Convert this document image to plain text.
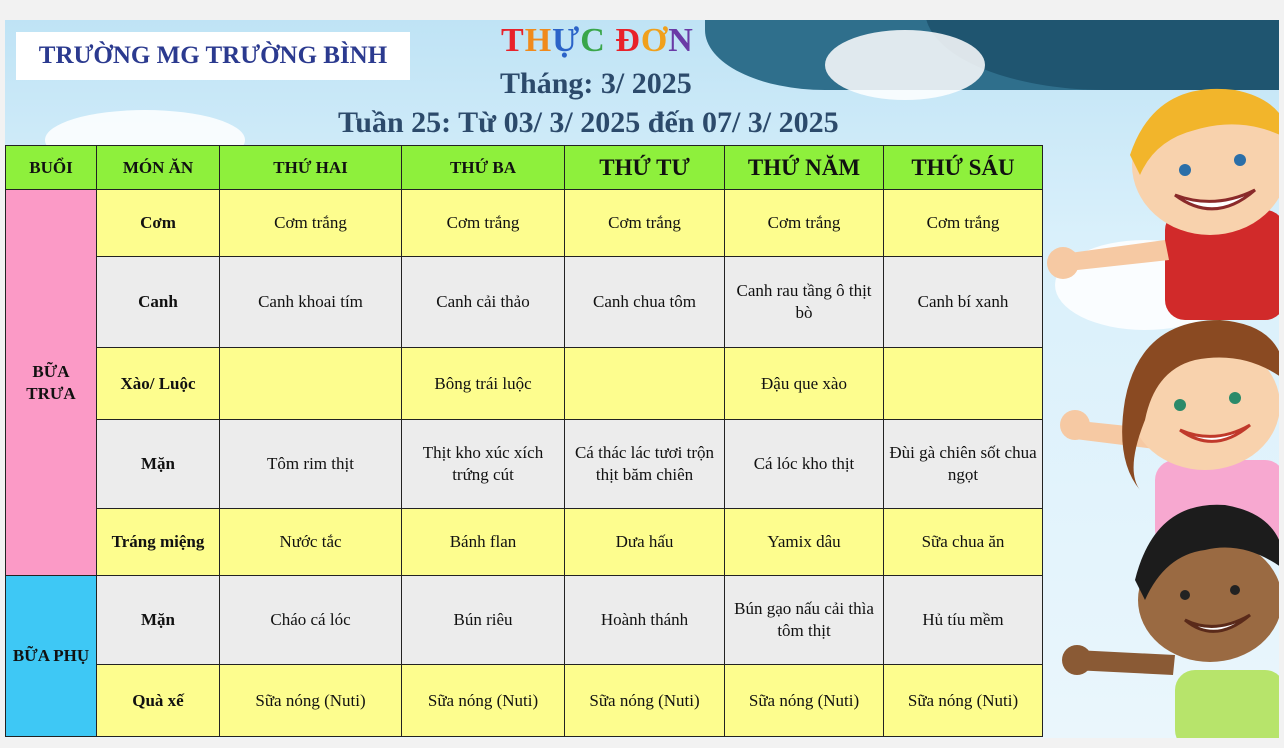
TRƯỜNG MG TRƯỜNG BÌNH	THỰC ĐƠN
Tháng: 3/ 2025
Tuần 25: Từ 03/ 3/ 2025 đến 07/ 3/ 2025
BUỔI	MÓN ĂN	THỨ HAI	THỨ BA	THỨ TƯ	THỨ NĂM	THỨ SÁU
BỮA TRƯA	Cơm	Cơm trắng	Cơm trắng	Cơm trắng	Cơm trắng	Cơm trắng
	Canh	Canh khoai tím	Canh cải thảo	Canh chua tôm	Canh rau tầng ô thịt bò	Canh bí xanh
	Xào/ Luộc		Bông trái luộc		Đậu que xào	
	Mặn	Tôm rim thịt	Thịt kho xúc xích trứng cút	Cá thác lác tươi trộn thịt băm chiên	Cá lóc kho thịt	Đùi gà chiên sốt chua ngọt
	Tráng miệng	Nước tắc	Bánh flan	Dưa hấu	Yamix dâu	Sữa chua ăn
BỮA PHỤ	Mặn	Cháo cá lóc	Bún riêu	Hoành thánh	Bún gạo nấu cải thìa tôm thịt	Hủ tíu mềm
	Quà xế	Sữa nóng (Nuti)	Sữa nóng (Nuti)	Sữa nóng (Nuti)	Sữa nóng (Nuti)	Sữa nóng (Nuti)
